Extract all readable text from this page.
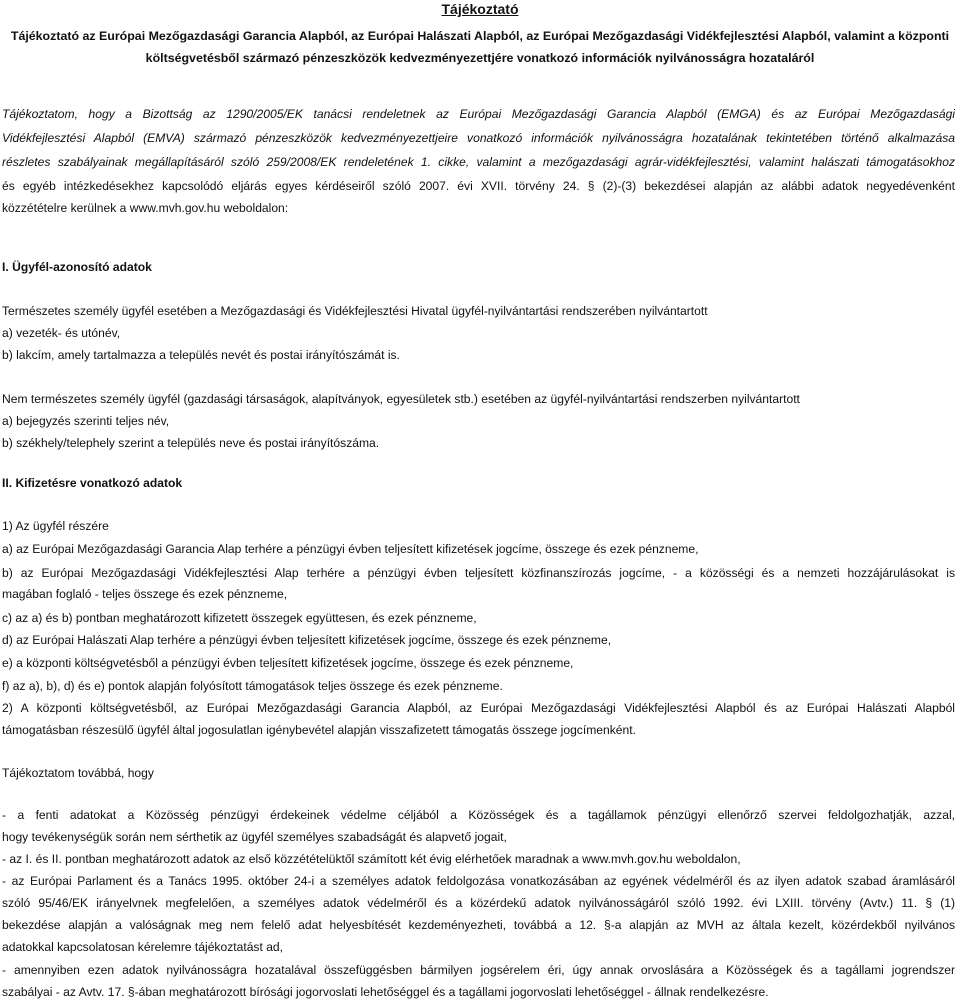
Tájékoztató
Tájékoztató az Európai Mezőgazdasági Garancia Alapból, az Európai Halászati Alapból, az Európai Mezőgazdasági Vidékfejlesztési Alapból, valamint a központi költségvetésből származó pénzeszközök kedvezményezettjére vonatkozó információk nyilvánosságra hozataláról
Tájékoztatom, hogy a Bizottság az 1290/2005/EK tanácsi rendeletnek az Európai Mezőgazdasági Garancia Alapból (EMGA) és az Európai Mezőgazdasági
Vidékfejlesztési Alapból (EMVA) származó pénzeszközök kedvezményezettjeire vonatkozó információk nyilvánosságra hozatalának tekintetében történő alkalmazása
részletes szabályainak megállapításáról szóló 259/2008/EK rendeletének 1. cikke, valamint a mezőgazdasági agrár-vidékfejlesztési, valamint halászati támogatásokhoz
és egyéb intézkedésekhez kapcsolódó eljárás egyes kérdéseiről szóló 2007. évi XVII. törvény 24. § (2)-(3) bekezdései alapján az alábbi adatok negyedévenként
közzétételre kerülnek a www.mvh.gov.hu weboldalon:
I. Ügyfél-azonosító adatok
Természetes személy ügyfél esetében a Mezőgazdasági és Vidékfejlesztési Hivatal ügyfél-nyilvántartási rendszerében nyilvántartott
a) vezeték- és utónév,
b) lakcím, amely tartalmazza a település nevét és postai irányítószámát is.
Nem természetes személy ügyfél (gazdasági társaságok, alapítványok, egyesületek stb.) esetében az ügyfél-nyilvántartási rendszerben nyilvántartott
a) bejegyzés szerinti teljes név,
b) székhely/telephely szerint a település neve és postai irányítószáma.
II. Kifizetésre vonatkozó adatok
1) Az ügyfél részére
a) az Európai Mezőgazdasági Garancia Alap terhére a pénzügyi évben teljesített kifizetések jogcíme, összege és ezek pénzneme,
b) az Európai Mezőgazdasági Vidékfejlesztési Alap terhére a pénzügyi évben teljesített közfinanszírozás jogcíme, - a közösségi és a nemzeti hozzájárulásokat is
magában foglaló - teljes összege és ezek pénzneme,
c) az a) és b) pontban meghatározott kifizetett összegek együttesen, és ezek pénzneme,
d) az Európai Halászati Alap terhére a pénzügyi évben teljesített kifizetések jogcíme, összege és ezek pénzneme,
e) a központi költségvetésből a pénzügyi évben teljesített kifizetések jogcíme, összege és ezek pénzneme,
f) az a), b), d) és e) pontok alapján folyósított támogatások teljes összege és ezek pénzneme.
2) A központi költségvetésből, az Európai Mezőgazdasági Garancia Alapból, az Európai Mezőgazdasági Vidékfejlesztési Alapból és az Európai Halászati Alapból
támogatásban részesülő ügyfél által jogosulatlan igénybevétel alapján visszafizetett támogatás összege jogcímenként.
Tájékoztatom továbbá, hogy
- a fenti adatokat a Közösség pénzügyi érdekeinek védelme céljából a Közösségek és a tagállamok pénzügyi ellenőrző szervei feldolgozhatják, azzal,
hogy tevékenységük során nem sérthetik az ügyfél személyes szabadságát és alapvető jogait,
- az I. és II. pontban meghatározott adatok az első közzétételüktől számított két évig elérhetőek maradnak a www.mvh.gov.hu weboldalon,
- az Európai Parlament és a Tanács 1995. október 24-i a személyes adatok feldolgozása vonatkozásában az egyének védelméről és az ilyen adatok szabad áramlásáról
szóló 95/46/EK irányelvnek megfelelően, a személyes adatok védelméről és a közérdekű adatok nyilvánosságáról szóló 1992. évi LXIII. törvény (Avtv.) 11. § (1)
bekezdése alapján a valóságnak meg nem felelő adat helyesbítését kezdeményezheti, továbbá a 12. §-a alapján az MVH az általa kezelt, közérdekből nyilvános
adatokkal kapcsolatosan kérelemre tájékoztatást ad,
- amennyiben ezen adatok nyilvánosságra hozatalával összefüggésben bármilyen jogsérelem éri, úgy annak orvoslására a Közösségek és a tagállami jogrendszer
szabályai - az Avtv. 17. §-ában meghatározott bírósági jogorvoslati lehetőséggel és a tagállami jogorvoslati lehetőséggel - állnak rendelkezésre.
